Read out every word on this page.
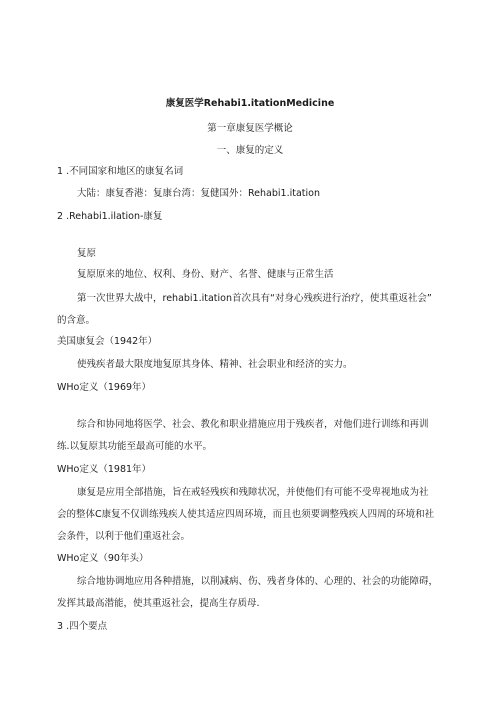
康复医学Rehabi1.itationMedicine
第一章康复医学概论
一、康复的定义
1 .不同国家和地区的康复名词
大陆：康复香港：复康台湾：复健国外：Rehabi1.itation
2 .Rehabi1.ilation-康复
复原
复原原来的地位、权利、身份、财产、名誉、健康与正常生活
第一次世界大战中，rehabi1.itation首次具有“对身心残疾进行治疗，使其重返社会”
的含意。
美国康复会（1942年）
使残疾者最大限度地复原其身体、精神、社会职业和经济的实力。
WHo定义（1969年）
综合和协同地将医学、社会、教化和职业措施应用于残疾者，对他们进行训练和再训
练.以复原其功能至最高可能的水平。
WHo定义（1981年）
康复是应用全部措施，旨在戒轻残疾和残障状况，并使他们有可能不受卑视地成为社
会的整体C康复不仅训练残疾人使其适应四周环境，而且也须要调整残疾人四周的环境和社
会条件，以利于他们重返社会。
WHo定义（90年头）
综合地协调地应用各种措施，以削减病、伤、残者身体的、心理的、社会的功能障碍，
发挥其最高潜能，使其重返社会，提高生存质母.
3 .四个要点
